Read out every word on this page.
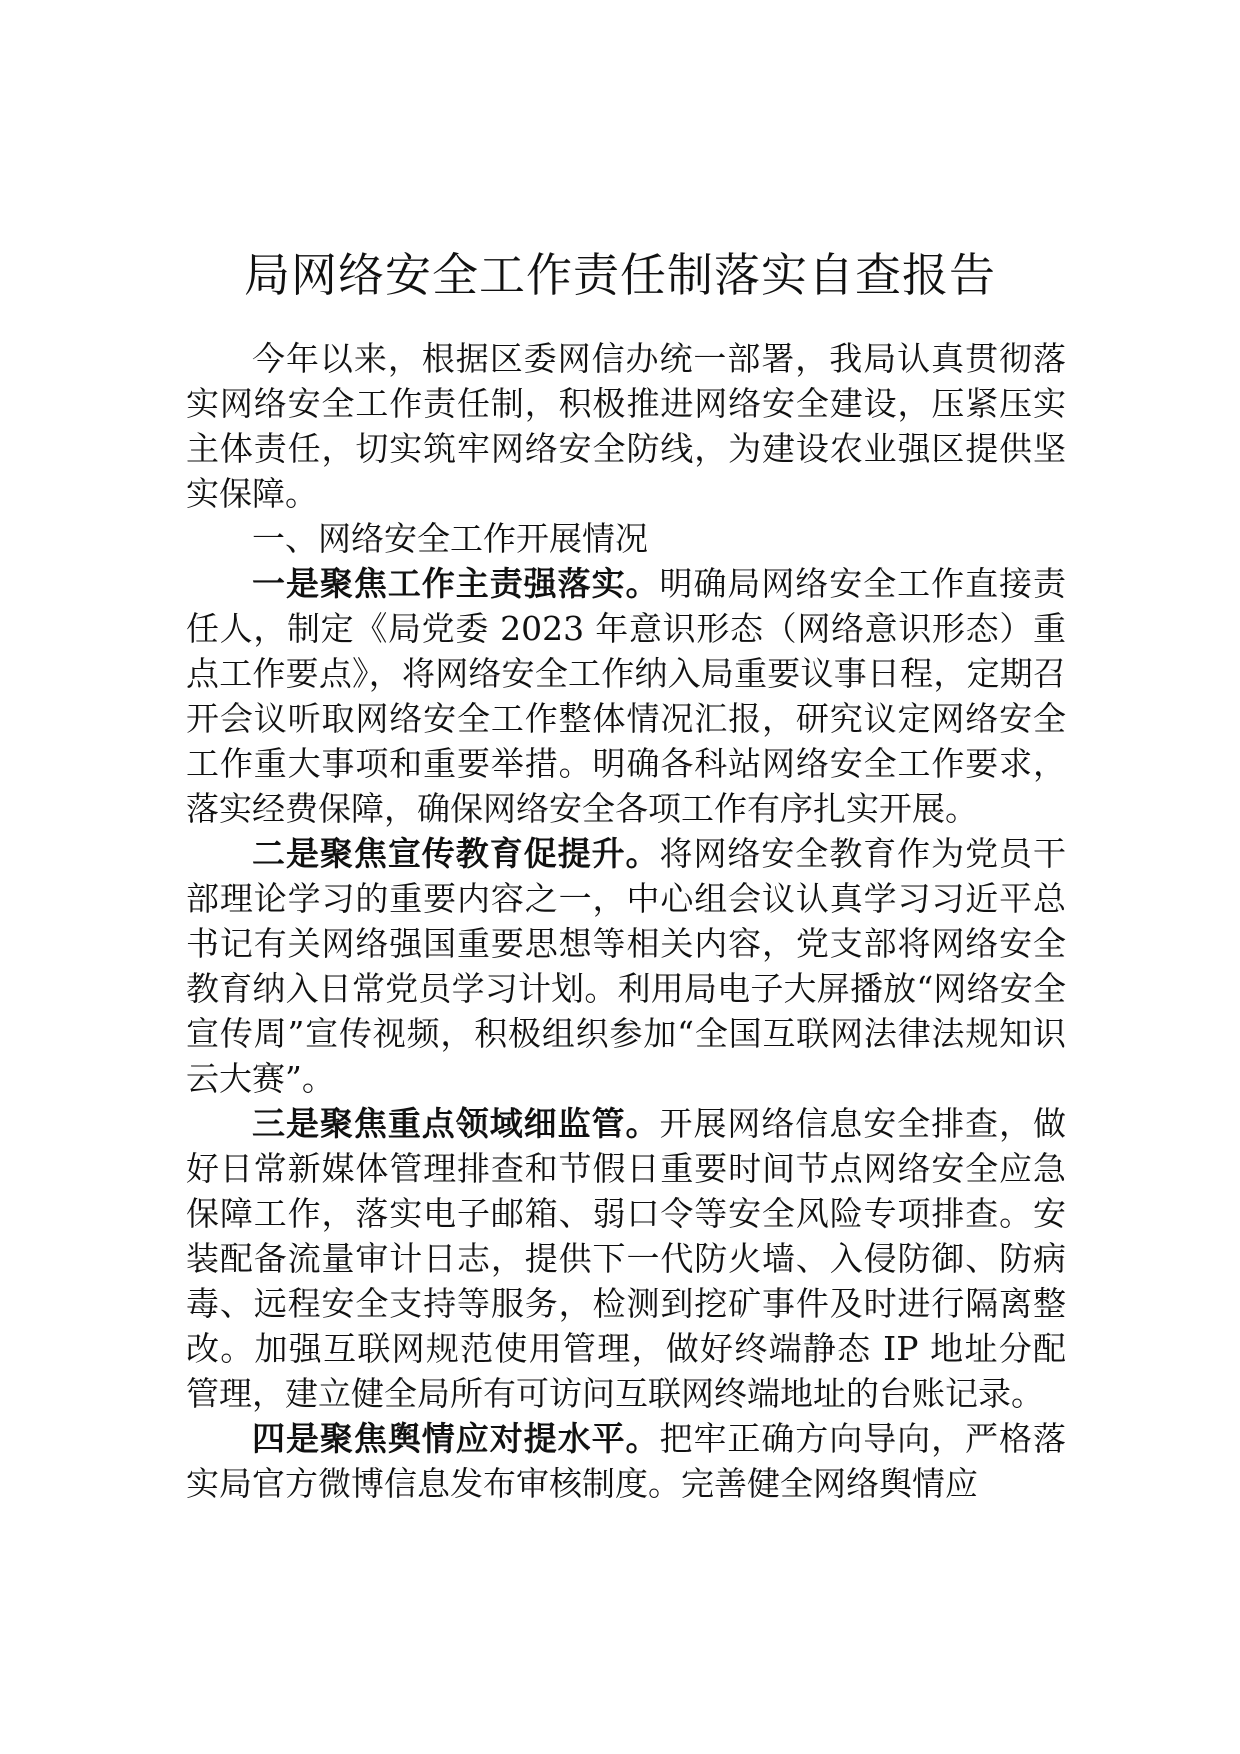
局网络安全工作责任制落实自查报告

今年以来，根据区委网信办统一部署，我局认真贯彻落实网络安全工作责任制，积极推进网络安全建设，压紧压实主体责任，切实筑牢网络安全防线，为建设农业强区提供坚实保障。

一、网络安全工作开展情况

一是聚焦工作主责强落实。明确局网络安全工作直接责任人，制定《局党委 2023 年意识形态（网络意识形态）重点工作要点》，将网络安全工作纳入局重要议事日程，定期召开会议听取网络安全工作整体情况汇报，研究议定网络安全工作重大事项和重要举措。明确各科站网络安全工作要求，落实经费保障，确保网络安全各项工作有序扎实开展。

二是聚焦宣传教育促提升。将网络安全教育作为党员干部理论学习的重要内容之一，中心组会议认真学习习近平总书记有关网络强国重要思想等相关内容，党支部将网络安全教育纳入日常党员学习计划。利用局电子大屏播放“网络安全宣传周”宣传视频，积极组织参加“全国互联网法律法规知识云大赛”。

三是聚焦重点领域细监管。开展网络信息安全排查，做好日常新媒体管理排查和节假日重要时间节点网络安全应急保障工作，落实电子邮箱、弱口令等安全风险专项排查。安装配备流量审计日志，提供下一代防火墙、入侵防御、防病毒、远程安全支持等服务，检测到挖矿事件及时进行隔离整改。加强互联网规范使用管理，做好终端静态 IP 地址分配管理，建立健全局所有可访问互联网终端地址的台账记录。

四是聚焦舆情应对提水平。把牢正确方向导向，严格落实局官方微博信息发布审核制度。完善健全网络舆情应
